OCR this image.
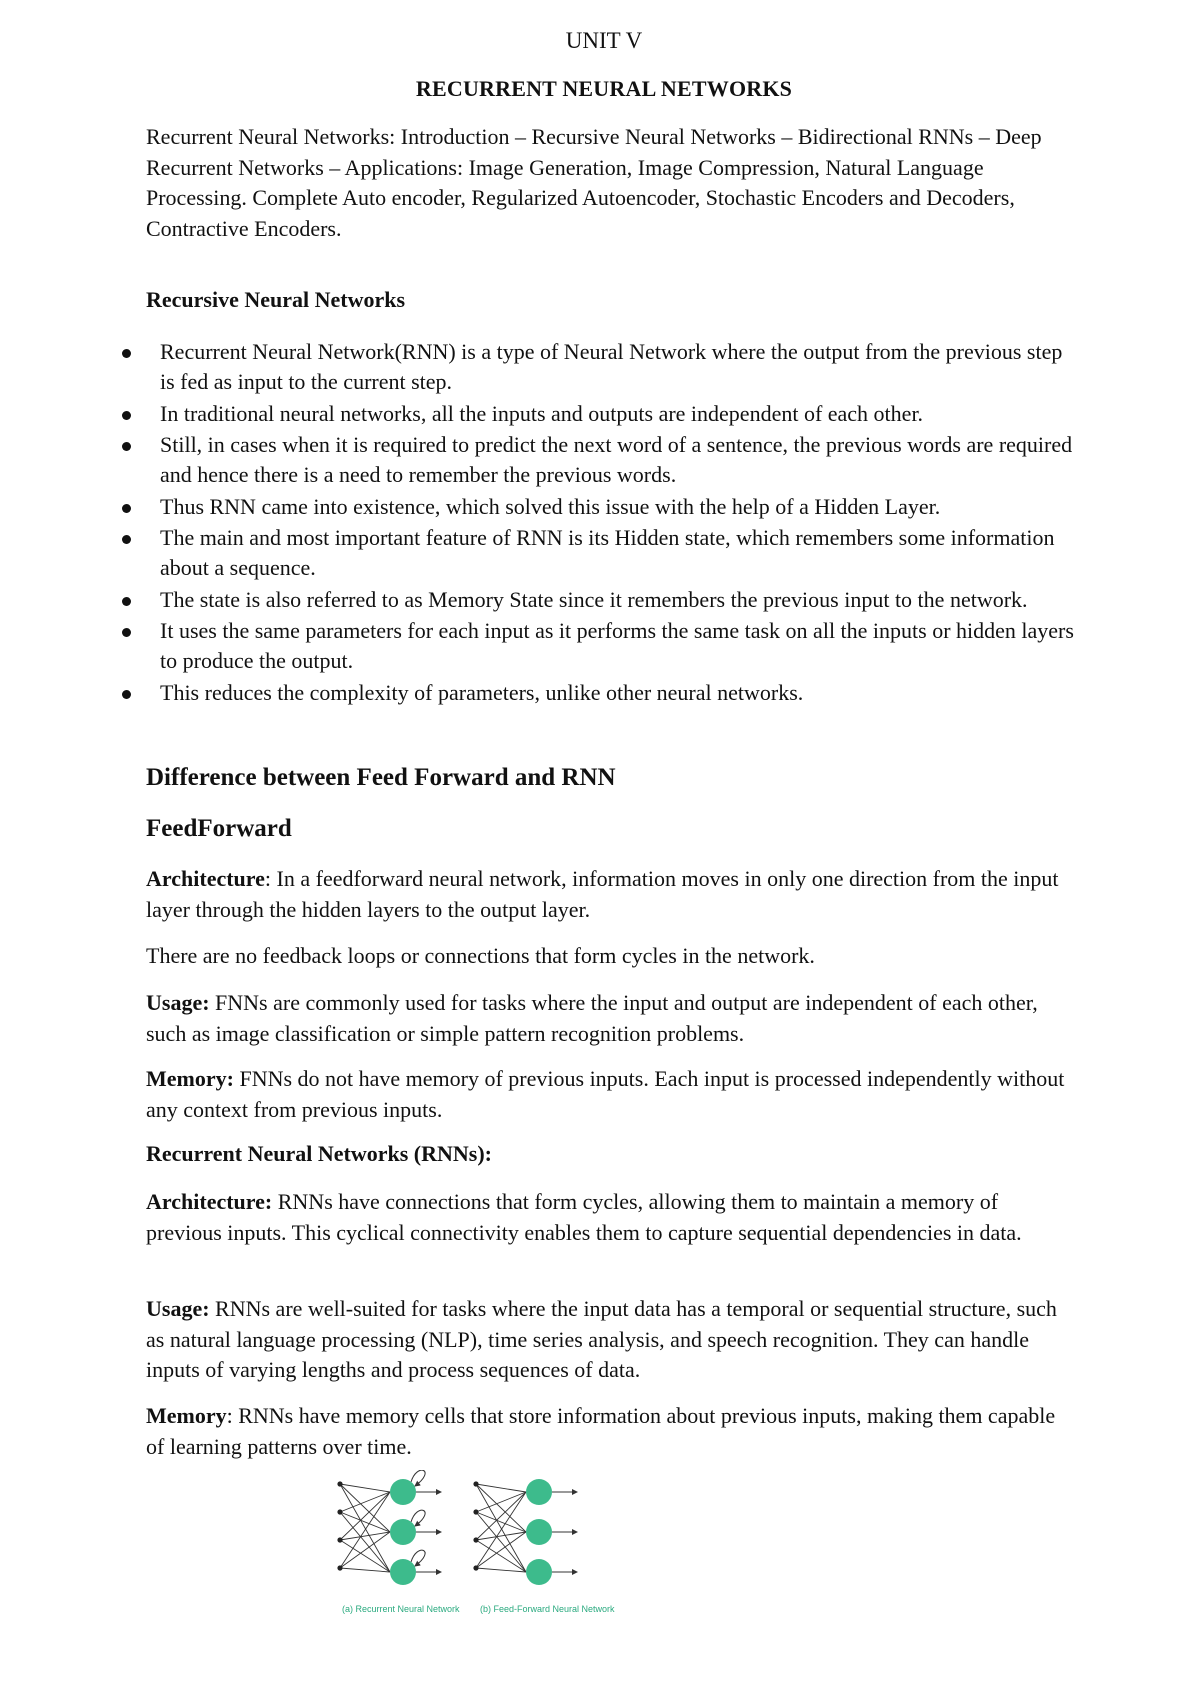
UNIT V
RECURRENT NEURAL NETWORKS
Recurrent Neural Networks: Introduction – Recursive Neural Networks – Bidirectional RNNs – Deep Recurrent Networks – Applications: Image Generation, Image Compression, Natural Language Processing. Complete Auto encoder, Regularized Autoencoder, Stochastic Encoders and Decoders, Contractive Encoders.
Recursive Neural Networks
Recurrent Neural Network(RNN) is a type of Neural Network where the output from the previous step is fed as input to the current step.
In traditional neural networks, all the inputs and outputs are independent of each other.
Still, in cases when it is required to predict the next word of a sentence, the previous words are required and hence there is a need to remember the previous words.
Thus RNN came into existence, which solved this issue with the help of a Hidden Layer.
The main and most important feature of RNN is its Hidden state, which remembers some information about a sequence.
The state is also referred to as Memory State since it remembers the previous input to the network.
It uses the same parameters for each input as it performs the same task on all the inputs or hidden layers to produce the output.
This reduces the complexity of parameters, unlike other neural networks.
Difference between Feed Forward and RNN
FeedForward

Architecture: In a feedforward neural network, information moves in only one direction from the input layer through the hidden layers to the output layer.

There are no feedback loops or connections that form cycles in the network.

Usage: FNNs are commonly used for tasks where the input and output are independent of each other, such as image classification or simple pattern recognition problems.

Memory: FNNs do not have memory of previous inputs. Each input is processed independently without any context from previous inputs.

Recurrent Neural Networks (RNNs):

Architecture: RNNs have connections that form cycles, allowing them to maintain a memory of previous inputs. This cyclical connectivity enables them to capture sequential dependencies in data.

Usage: RNNs are well-suited for tasks where the input data has a temporal or sequential structure, such as natural language processing (NLP), time series analysis, and speech recognition. They can handle inputs of varying lengths and process sequences of data.

Memory: RNNs have memory cells that store information about previous inputs, making them capable of learning patterns over time.

(a) Recurrent Neural Network (b) Feed-Forward Neural Network
